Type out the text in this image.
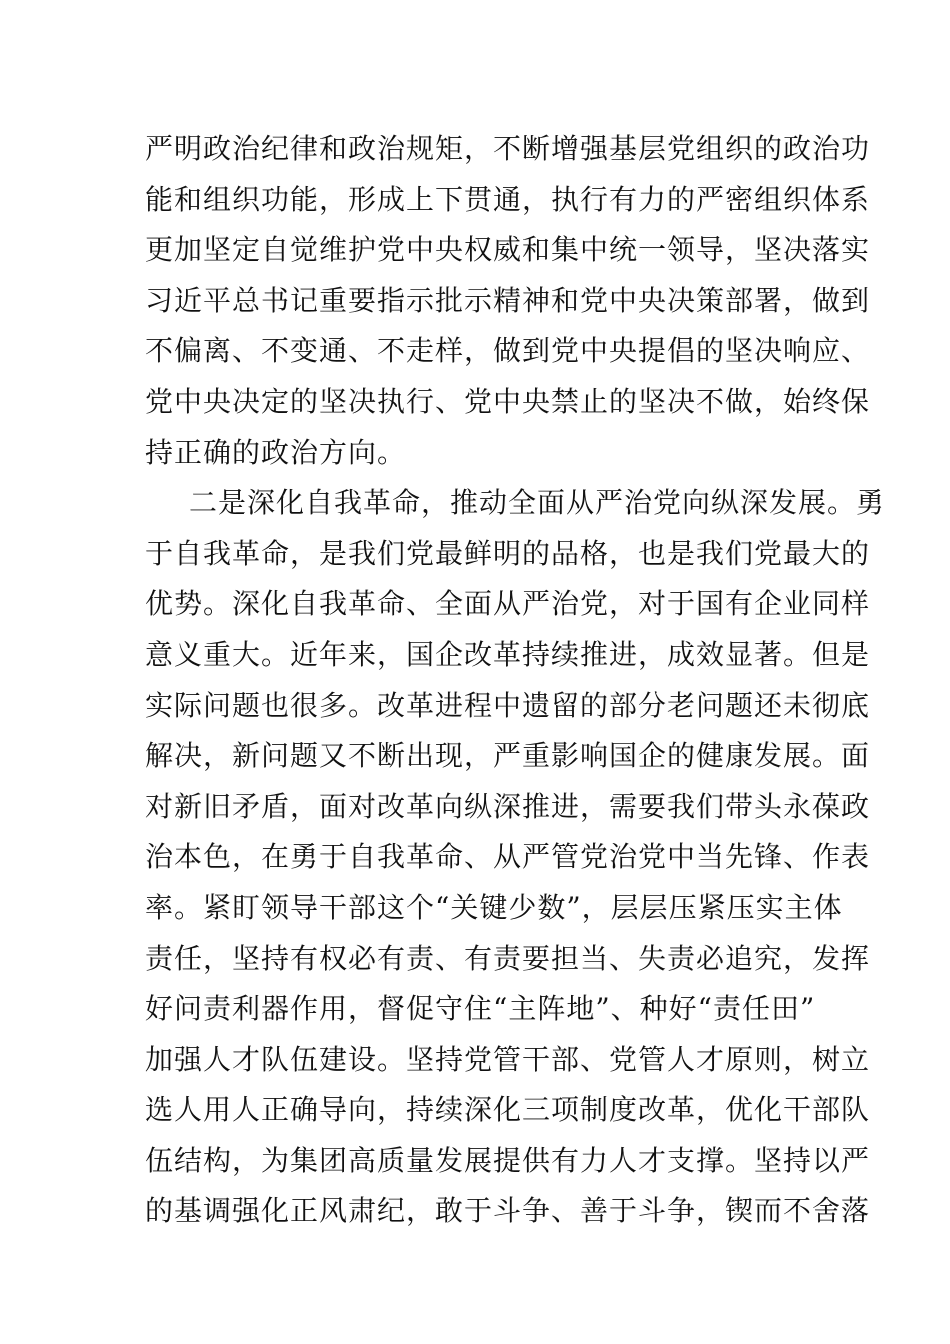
严明政治纪律和政治规矩，不断增强基层党组织的政治功
能和组织功能，形成上下贯通，执行有力的严密组织体系
更加坚定自觉维护党中央权威和集中统一领导，坚决落实
习近平总书记重要指示批示精神和党中央决策部署，做到
不偏离、不变通、不走样，做到党中央提倡的坚决响应、
党中央决定的坚决执行、党中央禁止的坚决不做，始终保
持正确的政治方向。
二是深化自我革命，推动全面从严治党向纵深发展。勇
于自我革命，是我们党最鲜明的品格，也是我们党最大的
优势。深化自我革命、全面从严治党，对于国有企业同样
意义重大。近年来，国企改革持续推进，成效显著。但是
实际问题也很多。改革进程中遗留的部分老问题还未彻底
解决，新问题又不断出现，严重影响国企的健康发展。面
对新旧矛盾，面对改革向纵深推进，需要我们带头永葆政
治本色，在勇于自我革命、从严管党治党中当先锋、作表
率。紧盯领导干部这个“关键少数”，层层压紧压实主体
责任，坚持有权必有责、有责要担当、失责必追究，发挥
好问责利器作用，督促守住“主阵地”、种好“责任田”
加强人才队伍建设。坚持党管干部、党管人才原则，树立
选人用人正确导向，持续深化三项制度改革，优化干部队
伍结构，为集团高质量发展提供有力人才支撑。坚持以严
的基调强化正风肃纪，敢于斗争、善于斗争，锲而不舍落
